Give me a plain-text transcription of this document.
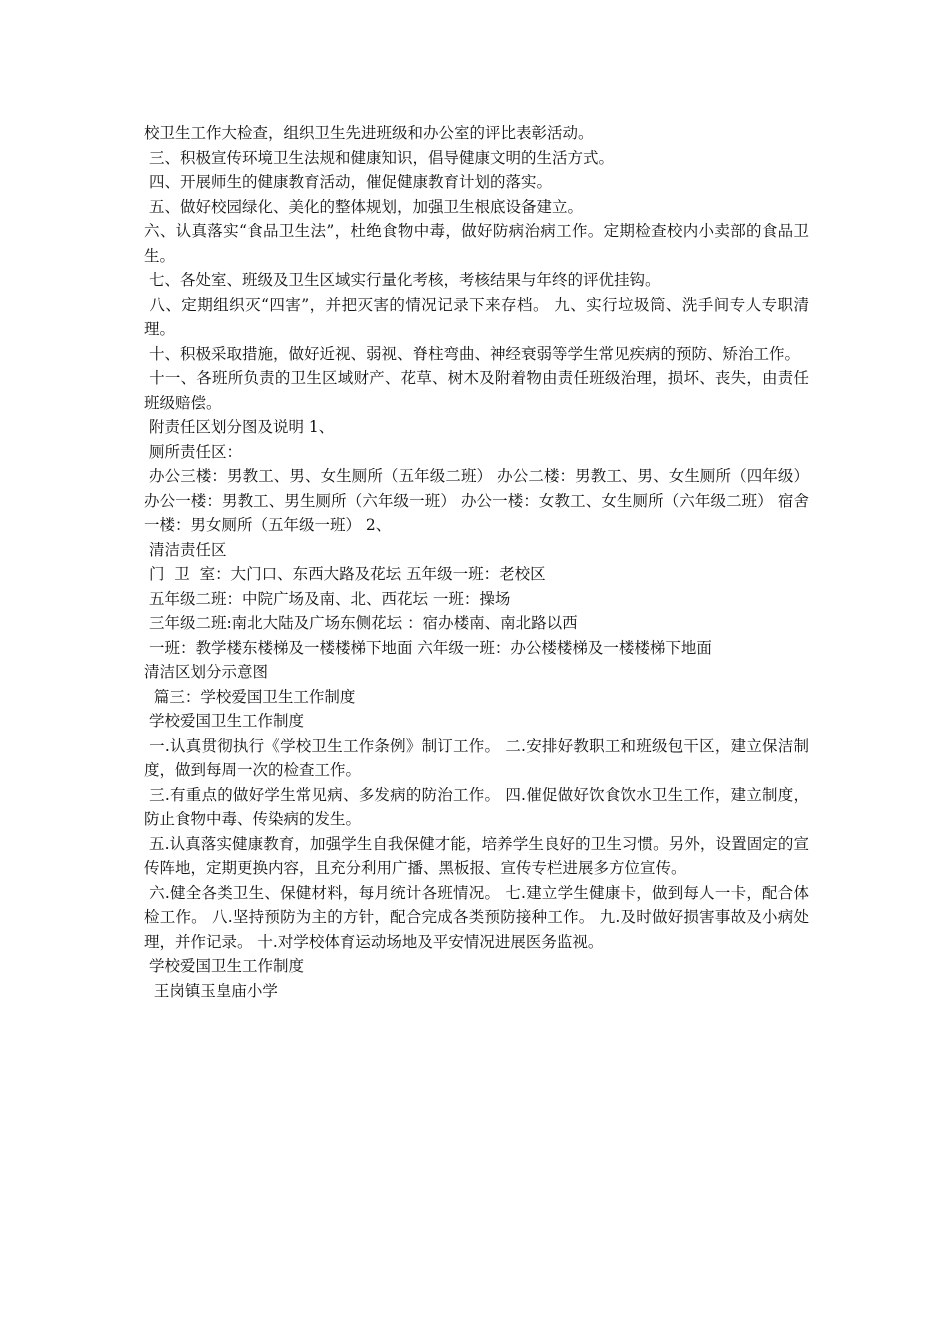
校卫生工作大检查，组织卫生先进班级和办公室的评比表彰活动。

三、积极宣传环境卫生法规和健康知识，倡导健康文明的生活方式。

四、开展师生的健康教育活动，催促健康教育计划的落实。

五、做好校园绿化、美化的整体规划，加强卫生根底设备建立。

六、认真落实“食品卫生法”，杜绝食物中毒，做好防病治病工作。定期检查校内小卖部的食品卫生。

七、各处室、班级及卫生区域实行量化考核，考核结果与年终的评优挂钩。

八、定期组织灭“四害”，并把灭害的情况记录下来存档。 九、实行垃圾筒、洗手间专人专职清理。

十、积极采取措施，做好近视、弱视、脊柱弯曲、神经衰弱等学生常见疾病的预防、矫治工作。

十一、各班所负责的卫生区域财产、花草、树木及附着物由责任班级治理，损坏、丧失，由责任班级赔偿。

附责任区划分图及说明 1、

厕所责任区：

办公三楼：男教工、男、女生厕所（五年级二班） 办公二楼：男教工、男、女生厕所（四年级） 办公一楼：男教工、男生厕所（六年级一班） 办公一楼：女教工、女生厕所（六年级二班） 宿舍一楼：男女厕所（五年级一班） 2、

清洁责任区

门  卫  室：大门口、东西大路及花坛 五年级一班：老校区

五年级二班：中院广场及南、北、西花坛 一班：操场

三年级二班:南北大陆及广场东侧花坛 ：宿办楼南、南北路以西

一班：教学楼东楼梯及一楼楼梯下地面 六年级一班：办公楼楼梯及一楼楼梯下地面

清洁区划分示意图

篇三：学校爱国卫生工作制度

学校爱国卫生工作制度

一.认真贯彻执行《学校卫生工作条例》制订工作。 二.安排好教职工和班级包干区，建立保洁制度，做到每周一次的检查工作。

三.有重点的做好学生常见病、多发病的防治工作。 四.催促做好饮食饮水卫生工作，建立制度，防止食物中毒、传染病的发生。

五.认真落实健康教育，加强学生自我保健才能，培养学生良好的卫生习惯。另外，设置固定的宣传阵地，定期更换内容，且充分利用广播、黑板报、宣传专栏进展多方位宣传。

六.健全各类卫生、保健材料，每月统计各班情况。 七.建立学生健康卡，做到每人一卡，配合体检工作。 八.坚持预防为主的方针，配合完成各类预防接种工作。 九.及时做好损害事故及小病处理，并作记录。 十.对学校体育运动场地及平安情况进展医务监视。

学校爱国卫生工作制度

王岗镇玉皇庙小学
